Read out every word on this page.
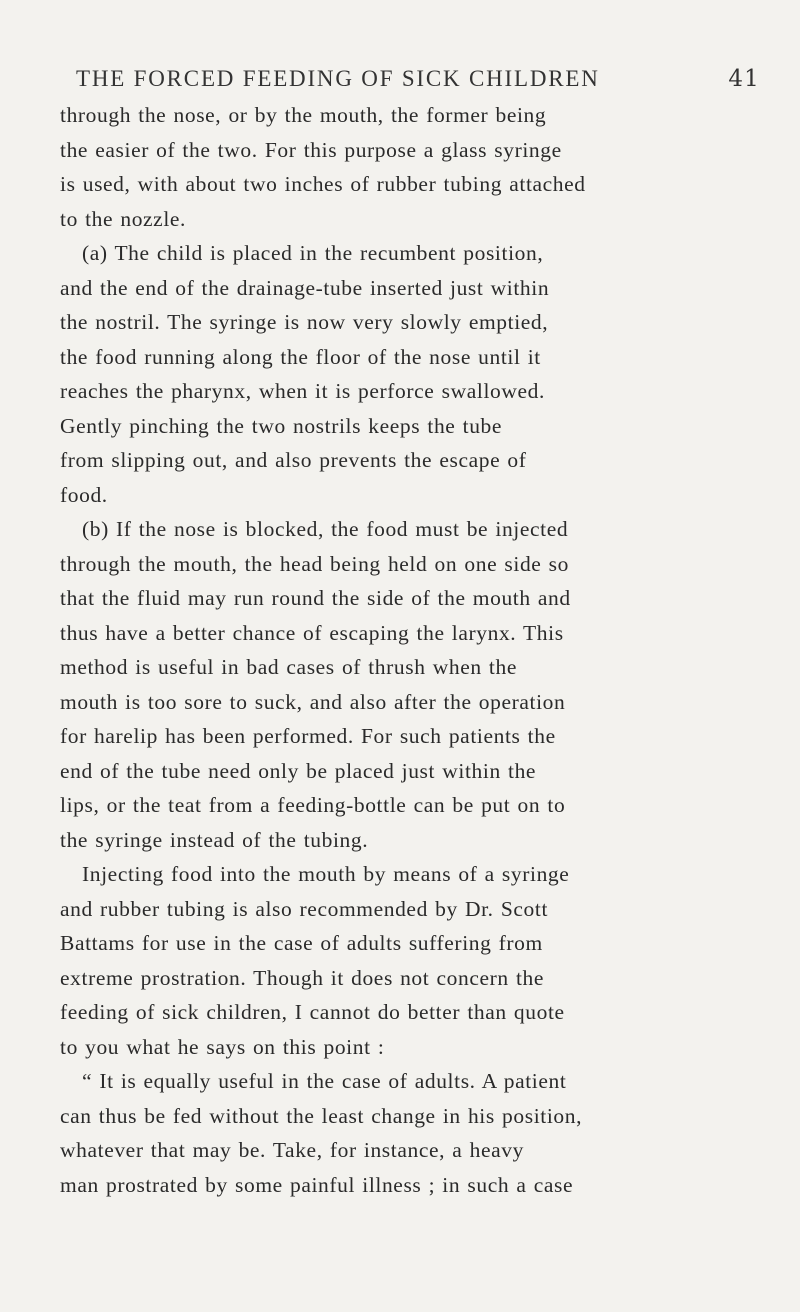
THE FORCED FEEDING OF SICK CHILDREN	41
through the nose, or by the mouth, the former being
the easier of the two. For this purpose a glass syringe
is used, with about two inches of rubber tubing attached
to the nozzle.
(a) The child is placed in the recumbent position,
and the end of the drainage-tube inserted just within
the nostril. The syringe is now very slowly emptied,
the food running along the floor of the nose until it
reaches the pharynx, when it is perforce swallowed.
Gently pinching the two nostrils keeps the tube
from slipping out, and also prevents the escape of
food.
(b) If the nose is blocked, the food must be injected
through the mouth, the head being held on one side so
that the fluid may run round the side of the mouth and
thus have a better chance of escaping the larynx. This
method is useful in bad cases of thrush when the
mouth is too sore to suck, and also after the operation
for harelip has been performed. For such patients the
end of the tube need only be placed just within the
lips, or the teat from a feeding-bottle can be put on to
the syringe instead of the tubing.
Injecting food into the mouth by means of a syringe
and rubber tubing is also recommended by Dr. Scott
Battams for use in the case of adults suffering from
extreme prostration. Though it does not concern the
feeding of sick children, I cannot do better than quote
to you what he says on this point :
“ It is equally useful in the case of adults. A patient
can thus be fed without the least change in his position,
whatever that may be. Take, for instance, a heavy
man prostrated by some painful illness ; in such a case
